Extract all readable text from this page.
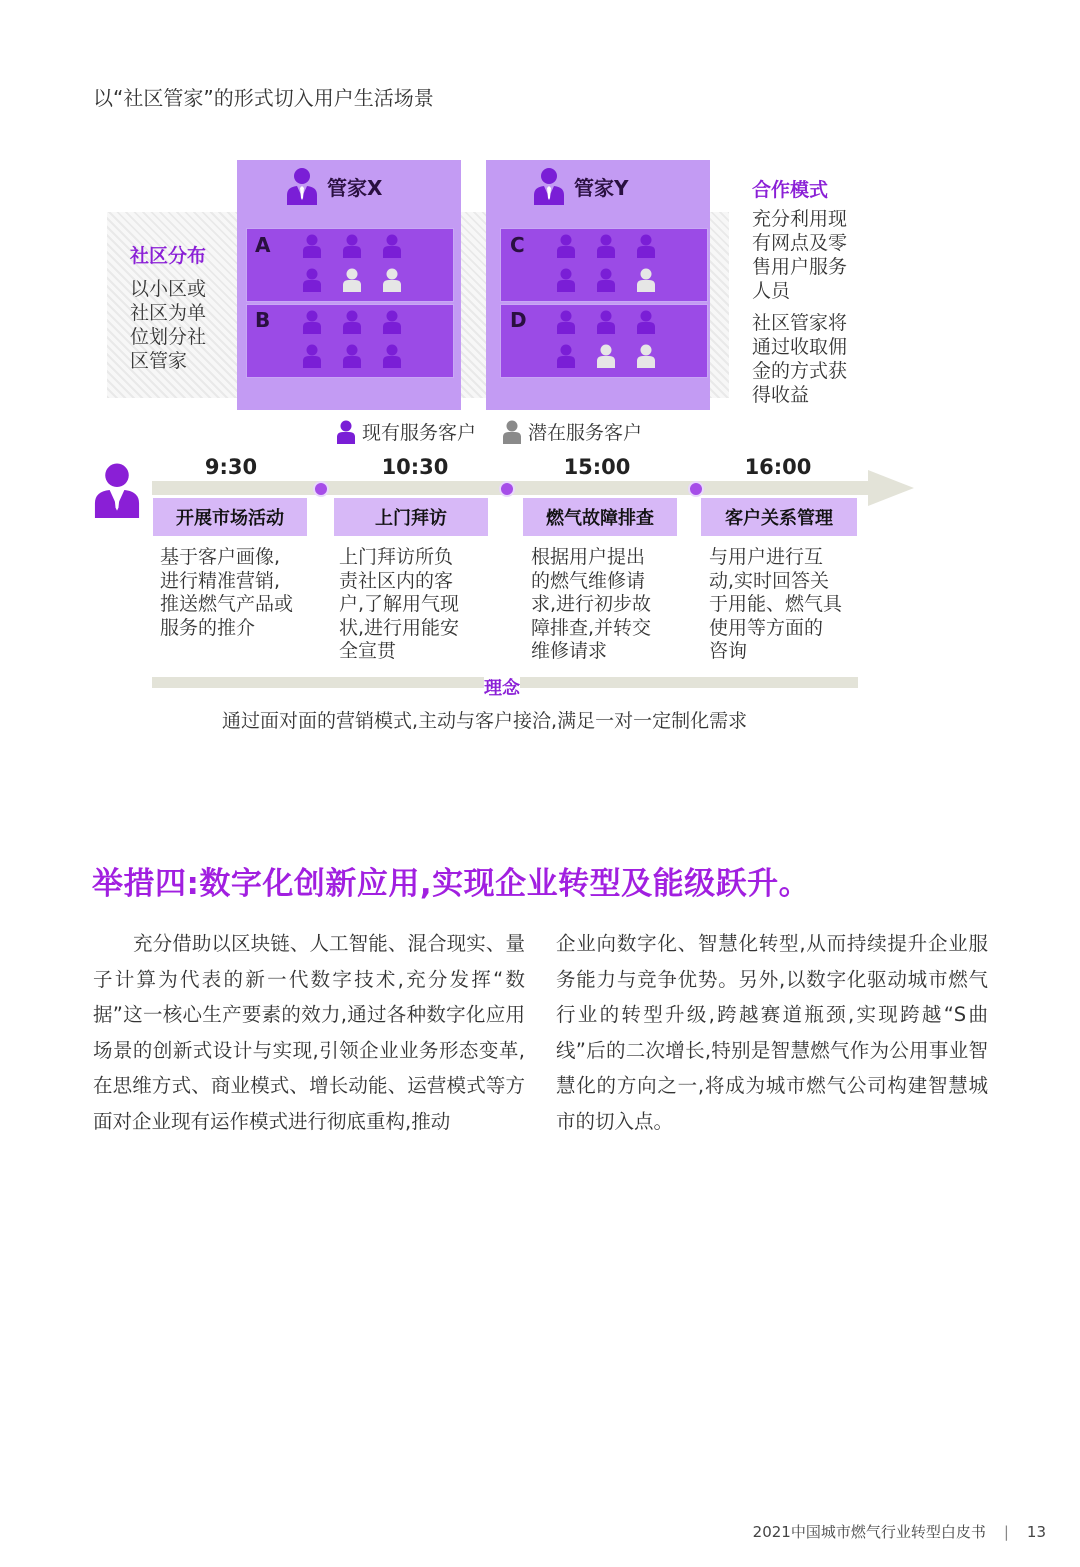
以“社区管家”的形式切入用户生活场景
管家X	管家Y
A
B
C
D
社区分布
以小区或
社区为单
位划分社
区管家
合作模式
充分利用现
有网点及零
售用户服务
人员
社区管家将
通过收取佣
金的方式获
得收益
现有服务客户	潜在服务客户
9:30	10:30	15:00	16:00
开展市场活动	上门拜访	燃气故障排查	客户关系管理
基于客户画像,
进行精准营销,
推送燃气产品或
服务的推介
上门拜访所负
责社区内的客
户,了解用气现
状,进行用能安
全宣贯
根据用户提出
的燃气维修请
求,进行初步故
障排查,并转交
维修请求
与用户进行互
动,实时回答关
于用能、燃气具
使用等方面的
咨询
理念
通过面对面的营销模式,主动与客户接洽,满足一对一定制化需求
举措四:数字化创新应用,实现企业转型及能级跃升。
充分借助以区块链、人工智能、混合现实、量子计算为代表的新一代数字技术,充分发挥“数据”这一核心生产要素的效力,通过各种数字化应用场景的创新式设计与实现,引领企业业务形态变革,在思维方式、商业模式、增长动能、运营模式等方面对企业现有运作模式进行彻底重构,推动
企业向数字化、智慧化转型,从而持续提升企业服务能力与竞争优势。另外,以数字化驱动城市燃气行业的转型升级,跨越赛道瓶颈,实现跨越“S曲线”后的二次增长,特别是智慧燃气作为公用事业智慧化的方向之一,将成为城市燃气公司构建智慧城市的切入点。
2021中国城市燃气行业转型白皮书 | 13
